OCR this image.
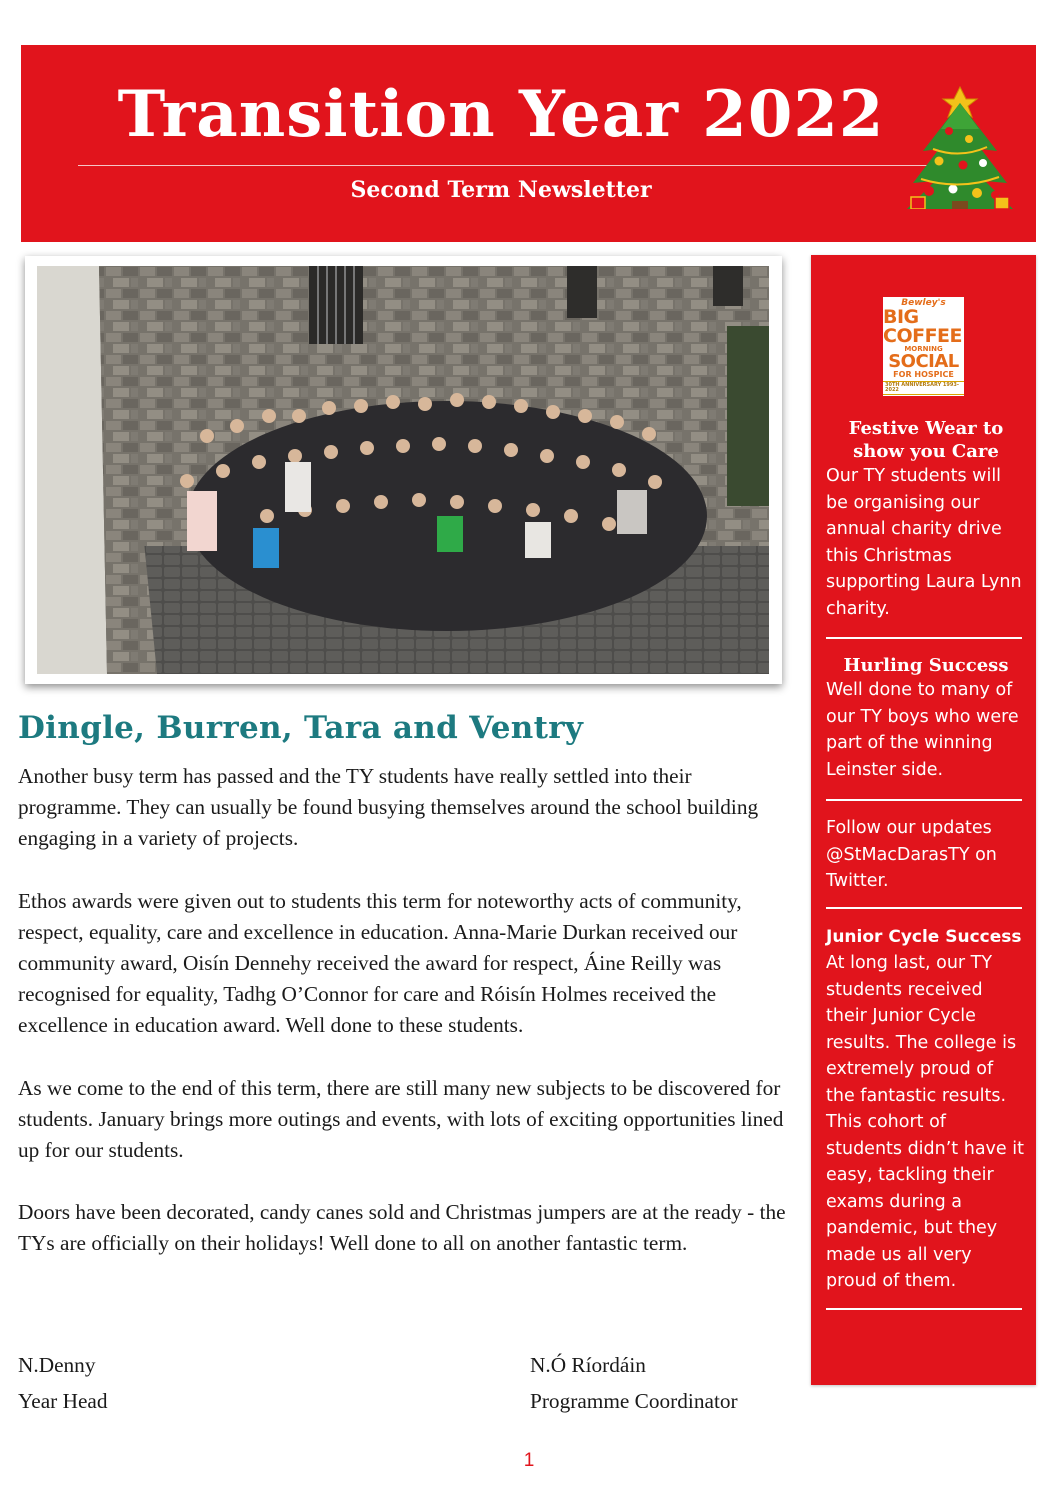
Transition Year 2022
Second Term Newsletter
Dingle, Burren, Tara and Ventry

Another busy term has passed and the TY students have really settled into their programme. They can usually be found busying themselves around the school building engaging in a variety of projects.

Ethos awards were given out to students this term for noteworthy acts of community, respect, equality, care and excellence in education. Anna-Marie Durkan received our community award, Oisín Dennehy received the award for respect, Áine Reilly was recognised for equality, Tadhg O’Connor for care and Róisín Holmes received the excellence in education award. Well done to these students.

As we come to the end of this term, there are still many new subjects to be discovered for students. January brings more outings and events, with lots of exciting opportunities lined up for our students.

Doors have been decorated, candy canes sold and Christmas jumpers are at the ready - the TYs are officially on their holidays! Well done to all on another fantastic term.

N.Denny
Year Head
N.Ó Ríordáin
Programme Coordinator
1
Bewley's
BIG COFFEE
MORNING
SOCIAL
FOR HOSPICE
30TH ANNIVERSARY 1993-2022
Festive Wear to show you Care
Our TY students will be organising our annual charity drive this Christmas supporting Laura Lynn charity.
Hurling Success
Well done to many of our TY boys who were part of the winning Leinster side.
Follow our updates @StMacDarasTY on Twitter.
Junior Cycle Success
At long last, our TY students received their Junior Cycle results. The college is extremely proud of the fantastic results. This cohort of students didn’t have it easy, tackling their exams during a pandemic, but they made us all very proud of them.
